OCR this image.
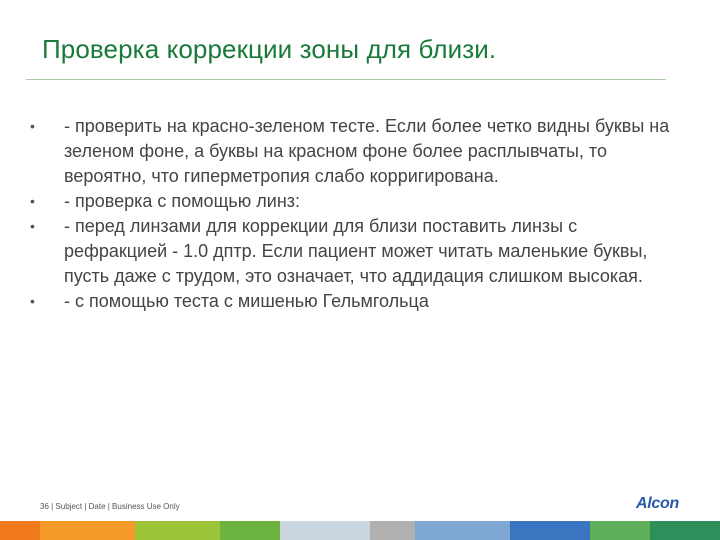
Проверка коррекции зоны для близи.
• - проверить на красно-зеленом тесте. Если более четко видны буквы на зеленом фоне, а буквы на красном фоне более расплывчаты, то вероятно, что гиперметропия слабо корригирована.
• - проверка с помощью линз:
• - перед линзами для коррекции для близи поставить линзы с рефракцией - 1.0 дптр. Если пациент может читать маленькие буквы, пусть даже с трудом, это означает, что аддидация слишком высокая.
• - с помощью теста с мишенью Гельмгольца
36 | Subject | Date | Business Use Only	Alcon
